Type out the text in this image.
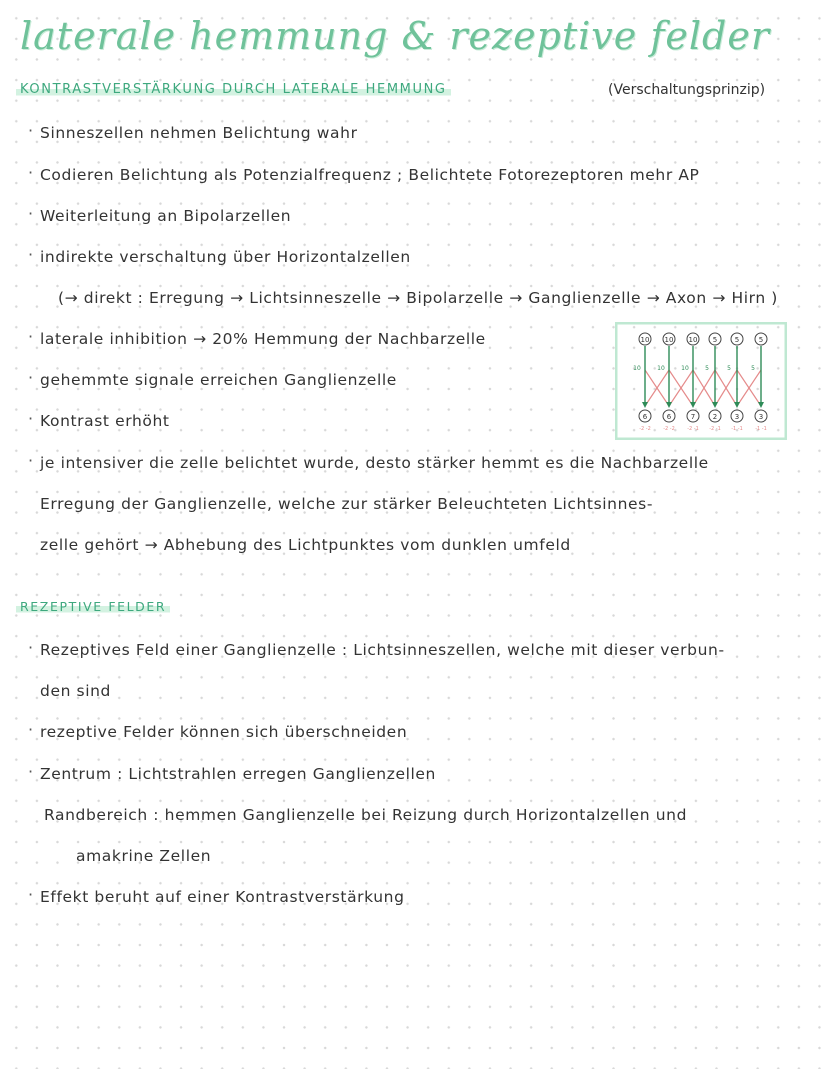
laterale hemmung & rezeptive felder
KONTRASTVERSTÄRKUNG DURCH LATERALE HEMMUNG	(Verschaltungsprinzip)
· Sinneszellen nehmen Belichtung wahr
· Codieren Belichtung als Potenzialfrequenz ; Belichtete Fotorezeptoren mehr AP
· Weiterleitung an Bipolarzellen
· indirekte verschaltung über Horizontalzellen
(→ direkt : Erregung → Lichtsinneszelle → Bipolarzelle → Ganglienzelle → Axon → Hirn )
· laterale inhibition → 20% Hemmung der Nachbarzelle
· gehemmte signale erreichen Ganglienzelle
· Kontrast erhöht
· je intensiver die zelle belichtet wurde, desto stärker hemmt es die Nachbarzelle
Erregung der Ganglienzelle, welche zur stärker Beleuchteten Lichtsinnes-
zelle gehört → Abhebung des Lichtpunktes vom dunklen umfeld
10 10 10 5	5	5
10	10	10	5	5	5
6	6	7	2	3	3
-2 -2 -2 -2 -2 -1 -2 -1 -1 -1 -1 -1
REZEPTIVE FELDER
· Rezeptives Feld einer Ganglienzelle : Lichtsinneszellen, welche mit dieser verbun-
den sind
· rezeptive Felder können sich überschneiden
· Zentrum : Lichtstrahlen erregen Ganglienzellen
Randbereich : hemmen Ganglienzelle bei Reizung durch Horizontalzellen und
amakrine Zellen
· Effekt beruht auf einer Kontrastverstärkung
